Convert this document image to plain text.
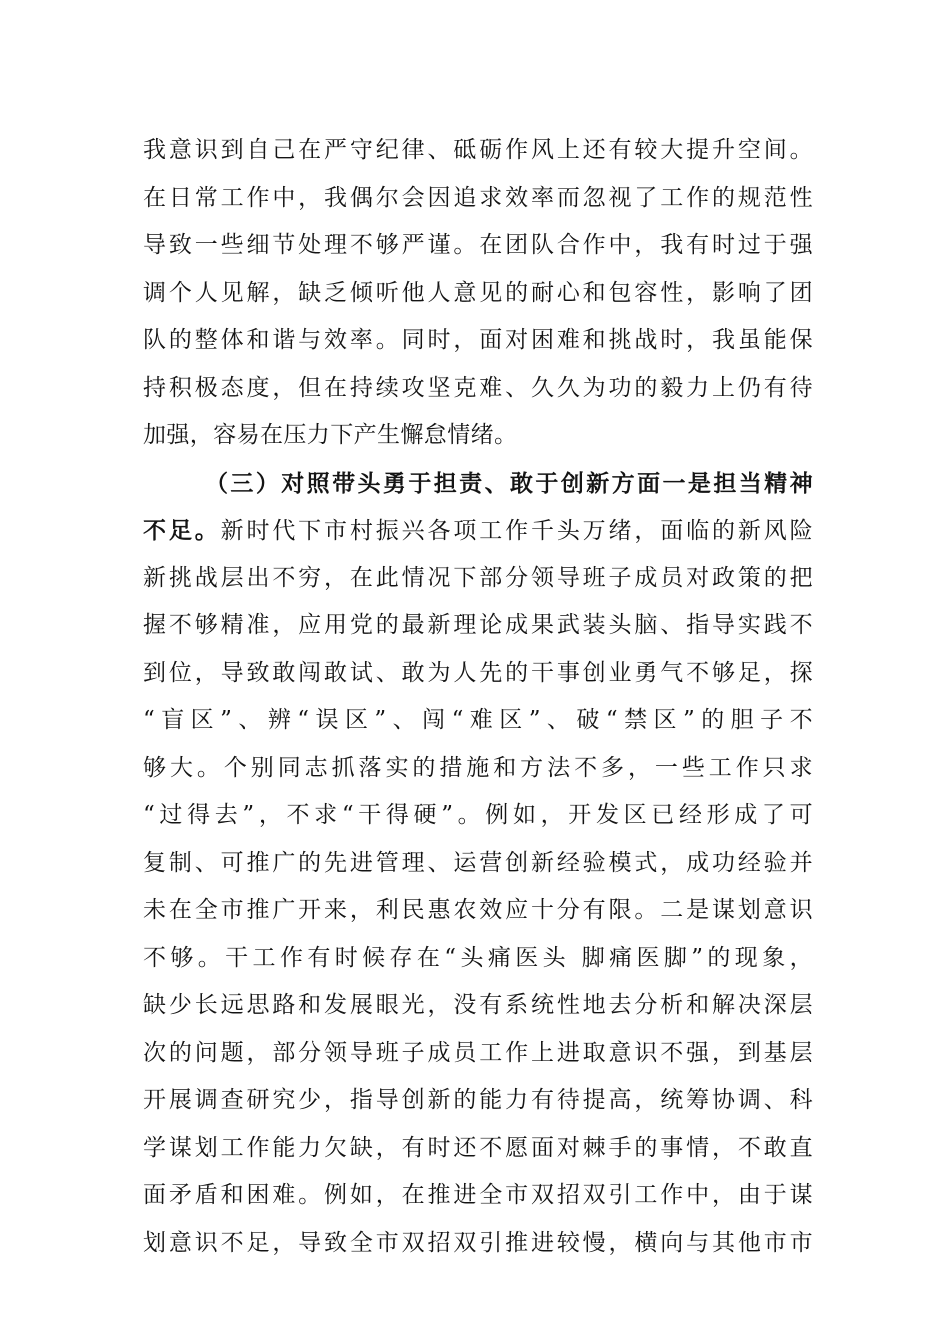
我意识到自己在严守纪律、砥砺作风上还有较大提升空间。
在日常工作中，我偶尔会因追求效率而忽视了工作的规范性
导致一些细节处理不够严谨。在团队合作中，我有时过于强
调个人见解，缺乏倾听他人意见的耐心和包容性，影响了团
队的整体和谐与效率。同时，面对困难和挑战时，我虽能保
持积极态度，但在持续攻坚克难、久久为功的毅力上仍有待
加强，容易在压力下产生懈怠情绪。
（三）对照带头勇于担责、敢于创新方面一是担当精神
不足。新时代下市村振兴各项工作千头万绪，面临的新风险
新挑战层出不穷，在此情况下部分领导班子成员对政策的把
握不够精准，应用党的最新理论成果武装头脑、指导实践不
到位，导致敢闯敢试、敢为人先的干事创业勇气不够足，探
“盲区”、辨“误区”、闯“难区”、破“禁区”的胆子不
够大。个别同志抓落实的措施和方法不多，一些工作只求
“过得去”，不求“干得硬”。例如，开发区已经形成了可
复制、可推广的先进管理、运营创新经验模式，成功经验并
未在全市推广开来，利民惠农效应十分有限。二是谋划意识
不够。干工作有时候存在“头痛医头 脚痛医脚”的现象，
缺少长远思路和发展眼光，没有系统性地去分析和解决深层
次的问题，部分领导班子成员工作上进取意识不强，到基层
开展调查研究少，指导创新的能力有待提高，统筹协调、科
学谋划工作能力欠缺，有时还不愿面对棘手的事情，不敢直
面矛盾和困难。例如，在推进全市双招双引工作中，由于谋
划意识不足，导致全市双招双引推进较慢，横向与其他市市
